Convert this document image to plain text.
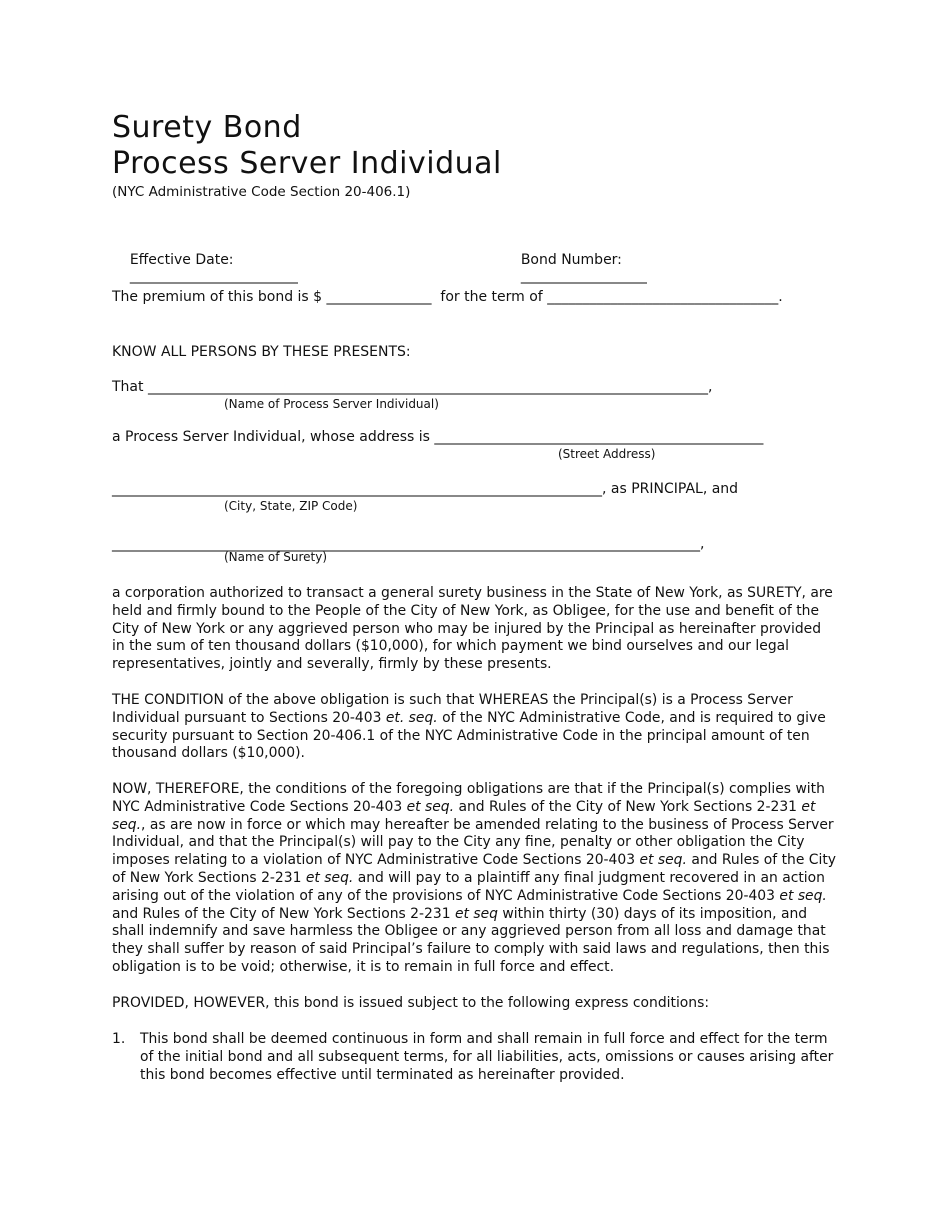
Surety Bond
Process Server Individual
(NYC Administrative Code Section 20-406.1)

Effective Date:
________________________

Bond Number:
__________________

The premium of this bond is $ _______________  for the term of _________________________________.
KNOW ALL PERSONS BY THESE PRESENTS:
That ________________________________________________________________________________,
(Name of Process Server Individual)
a Process Server Individual, whose address is _______________________________________________
(Street Address)
______________________________________________________________________, as PRINCIPAL, and
(City, State, ZIP Code)
____________________________________________________________________________________,
(Name of Surety)

a corporation authorized to transact a general surety business in the State of New York, as SURETY, are held and firmly bound to the People of the City of New York, as Obligee, for the use and benefit of the City of New York or any aggrieved person who may be injured by the Principal as hereinafter provided in the sum of ten thousand dollars ($10,000), for which payment we bind ourselves and our legal representatives, jointly and severally, firmly by these presents.

THE CONDITION of the above obligation is such that WHEREAS the Principal(s) is a Process Server Individual pursuant to Sections 20-403 et. seq. of the NYC Administrative Code, and is required to give security pursuant to Section 20-406.1 of the NYC Administrative Code in the principal amount of ten thousand dollars ($10,000).

NOW, THEREFORE, the conditions of the foregoing obligations are that if the Principal(s) complies with NYC Administrative Code Sections 20-403 et seq. and Rules of the City of New York Sections 2-231 et seq., as are now in force or which may hereafter be amended relating to the business of Process Server Individual, and that the Principal(s) will pay to the City any fine, penalty or other obligation the City imposes relating to a violation of NYC Administrative Code Sections 20-403 et seq. and Rules of the City of New York Sections 2-231 et seq. and will pay to a plaintiff any final judgment recovered in an action arising out of the violation of any of the provisions of NYC Administrative Code Sections 20-403 et seq. and Rules of the City of New York Sections 2-231 et seq within thirty (30) days of its imposition, and shall indemnify and save harmless the Obligee or any aggrieved person from all loss and damage that they shall suffer by reason of said Principal’s failure to comply with said laws and regulations, then this obligation is to be void; otherwise, it is to remain in full force and effect.

PROVIDED, HOWEVER, this bond is issued subject to the following express conditions:

1. This bond shall be deemed continuous in form and shall remain in full force and effect for the term of the initial bond and all subsequent terms, for all liabilities, acts, omissions or causes arising after this bond becomes effective until terminated as hereinafter provided.
